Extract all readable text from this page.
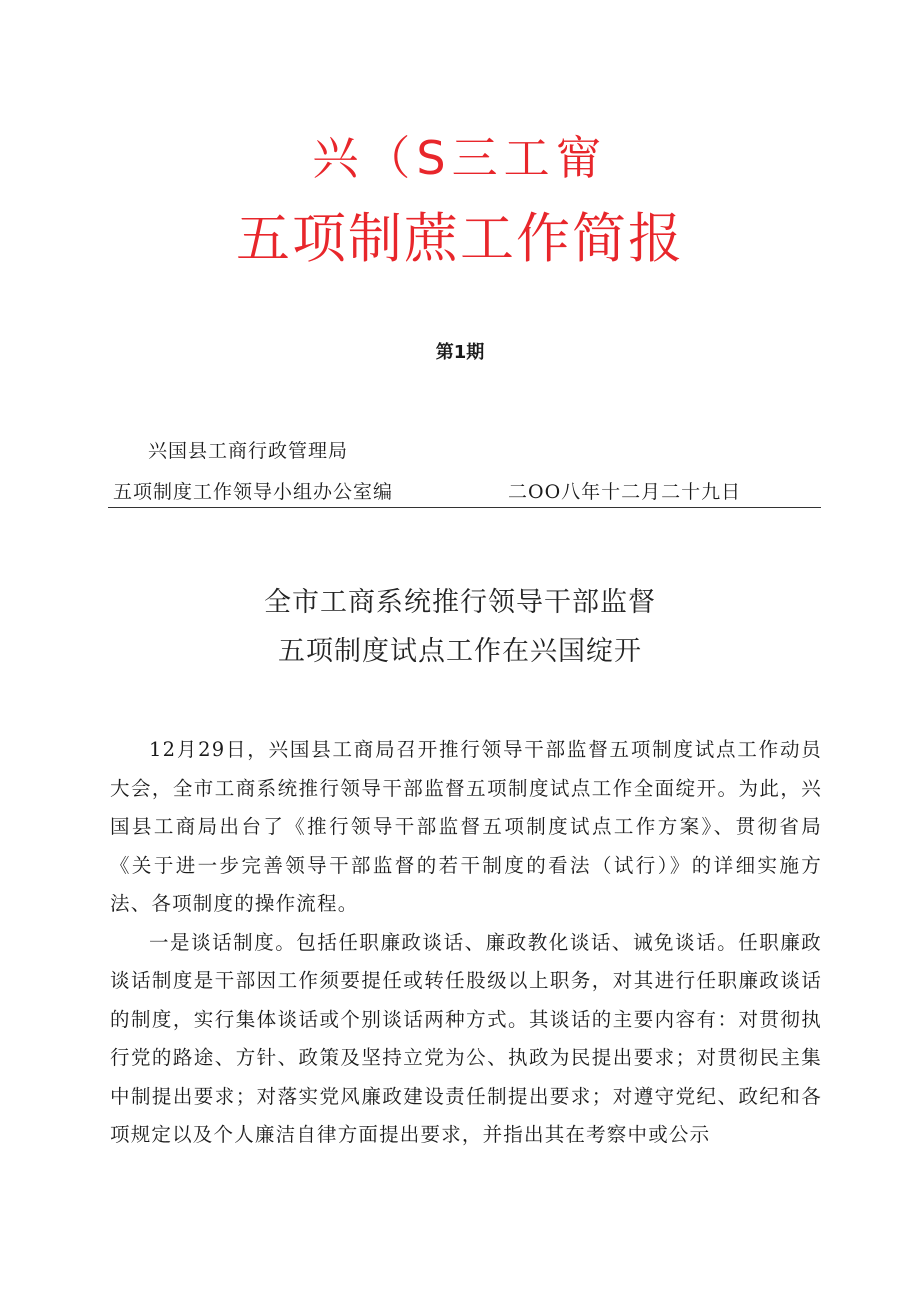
兴（S三工甯
五项制蔗工作简报
第1期
兴国县工商行政管理局
五项制度工作领导小组办公室编	二OO八年十二月二十九日
全市工商系统推行领导干部监督
五项制度试点工作在兴国绽开

12月29日，兴国县工商局召开推行领导干部监督五项制度试点工作动员大会，全市工商系统推行领导干部监督五项制度试点工作全面绽开。为此，兴国县工商局出台了《推行领导干部监督五项制度试点工作方案》、贯彻省局《关于进一步完善领导干部监督的若干制度的看法（试行）》的详细实施方法、各项制度的操作流程。

一是谈话制度。包括任职廉政谈话、廉政教化谈话、诫免谈话。任职廉政谈话制度是干部因工作须要提任或转任股级以上职务，对其进行任职廉政谈话的制度，实行集体谈话或个别谈话两种方式。其谈话的主要内容有：对贯彻执行党的路途、方针、政策及坚持立党为公、执政为民提出要求；对贯彻民主集中制提出要求；对落实党风廉政建设责任制提出要求；对遵守党纪、政纪和各项规定以及个人廉洁自律方面提出要求，并指出其在考察中或公示
